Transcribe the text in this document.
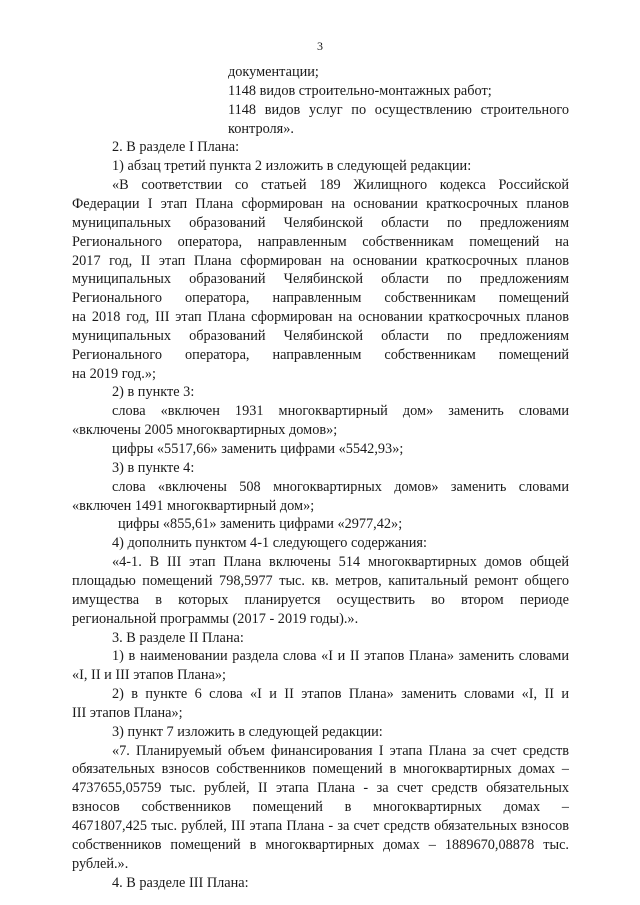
3
документации;
1148 видов строительно-монтажных работ;
1148 видов услуг по осуществлению строительного
контроля».
2. В разделе I Плана:
1) абзац третий пункта 2 изложить в следующей редакции:
«В соответствии со статьей 189 Жилищного кодекса Российской
Федерации I этап Плана сформирован на основании краткосрочных планов
муниципальных образований Челябинской области по предложениям
Регионального оператора, направленным собственникам помещений на
2017 год, II этап Плана сформирован на основании краткосрочных планов
муниципальных образований Челябинской области по предложениям
Регионального оператора, направленным собственникам помещений
на 2018 год, III этап Плана сформирован на основании краткосрочных планов
муниципальных образований Челябинской области по предложениям
Регионального оператора, направленным собственникам помещений
на 2019 год.»;
2) в пункте 3:
слова «включен 1931 многоквартирный дом» заменить словами
«включены 2005 многоквартирных домов»;
цифры «5517,66» заменить цифрами «5542,93»;
3) в пункте 4:
слова «включены 508 многоквартирных домов» заменить словами
«включен 1491 многоквартирный дом»;
цифры «855,61» заменить цифрами «2977,42»;
4) дополнить пунктом 4-1 следующего содержания:
«4-1. В III этап Плана включены 514 многоквартирных домов общей
площадью помещений 798,5977 тыс. кв. метров, капитальный ремонт общего
имущества в которых планируется осуществить во втором периоде
региональной программы (2017 - 2019 годы).».
3. В разделе II Плана:
1) в наименовании раздела слова «I и II этапов Плана» заменить словами
«I, II и III этапов Плана»;
2) в пункте 6 слова «I и II этапов Плана» заменить словами «I, II и
III этапов Плана»;
3) пункт 7 изложить в следующей редакции:
«7. Планируемый объем финансирования I этапа Плана за счет средств
обязательных взносов собственников помещений в многоквартирных домах –
4737655,05759 тыс. рублей, II этапа Плана - за счет средств обязательных
взносов собственников помещений в многоквартирных домах –
4671807,425 тыс. рублей, III этапа Плана - за счет средств обязательных взносов
собственников помещений в многоквартирных домах – 1889670,08878 тыс.
рублей.».
4. В разделе III Плана:
